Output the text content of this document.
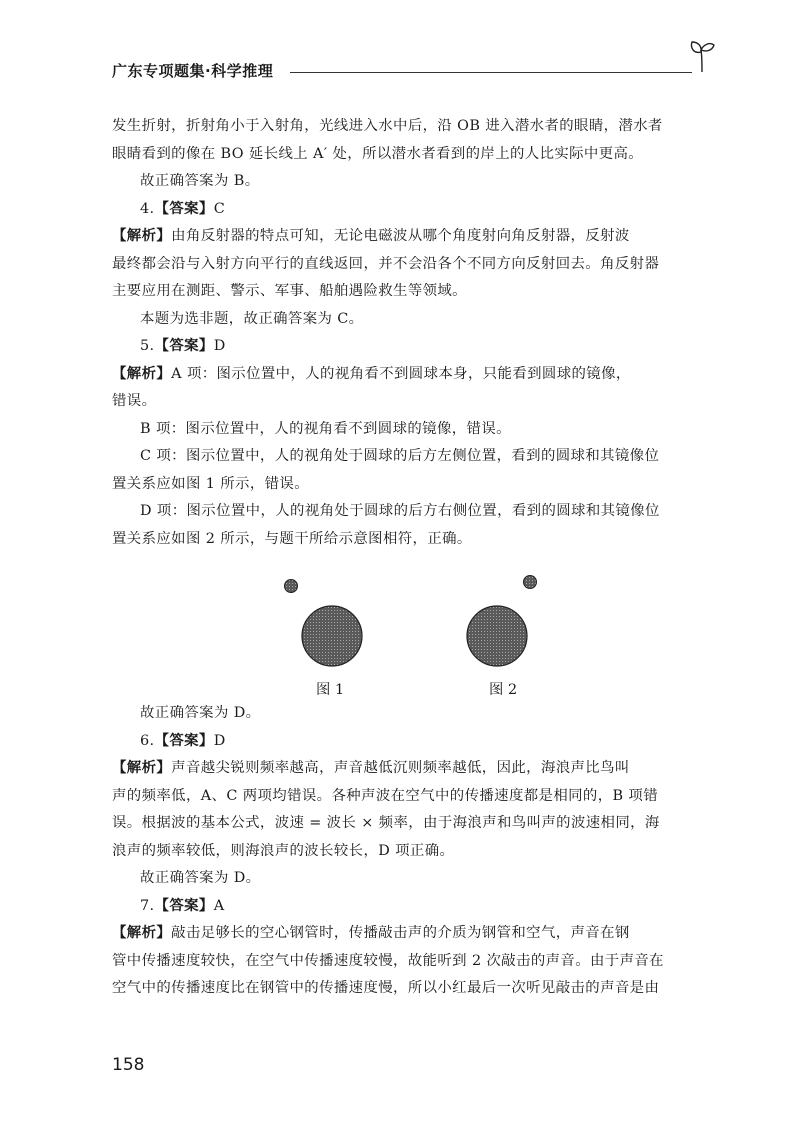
广东专项题集·科学推理
发生折射，折射角小于入射角，光线进入水中后，沿 OB 进入潜水者的眼睛，潜水者
眼睛看到的像在 BO 延长线上 A′ 处，所以潜水者看到的岸上的人比实际中更高。
故正确答案为 B。
4.【答案】C
【解析】由角反射器的特点可知，无论电磁波从哪个角度射向角反射器，反射波
最终都会沿与入射方向平行的直线返回，并不会沿各个不同方向反射回去。角反射器
主要应用在测距、警示、军事、船舶遇险救生等领域。
本题为选非题，故正确答案为 C。
5.【答案】D
【解析】A 项：图示位置中，人的视角看不到圆球本身，只能看到圆球的镜像，
错误。
B 项：图示位置中，人的视角看不到圆球的镜像，错误。
C 项：图示位置中，人的视角处于圆球的后方左侧位置，看到的圆球和其镜像位
置关系应如图 1 所示，错误。
D 项：图示位置中，人的视角处于圆球的后方右侧位置，看到的圆球和其镜像位
置关系应如图 2 所示，与题干所给示意图相符，正确。
故正确答案为 D。
6.【答案】D
【解析】声音越尖锐则频率越高，声音越低沉则频率越低，因此，海浪声比鸟叫
声的频率低，A、C 两项均错误。各种声波在空气中的传播速度都是相同的，B 项错
误。根据波的基本公式，波速 = 波长 × 频率，由于海浪声和鸟叫声的波速相同，海
浪声的频率较低，则海浪声的波长较长，D 项正确。
故正确答案为 D。
7.【答案】A
【解析】敲击足够长的空心钢管时，传播敲击声的介质为钢管和空气，声音在钢
管中传播速度较快，在空气中传播速度较慢，故能听到 2 次敲击的声音。由于声音在
空气中的传播速度比在钢管中的传播速度慢，所以小红最后一次听见敲击的声音是由
图 1	图 2
158
